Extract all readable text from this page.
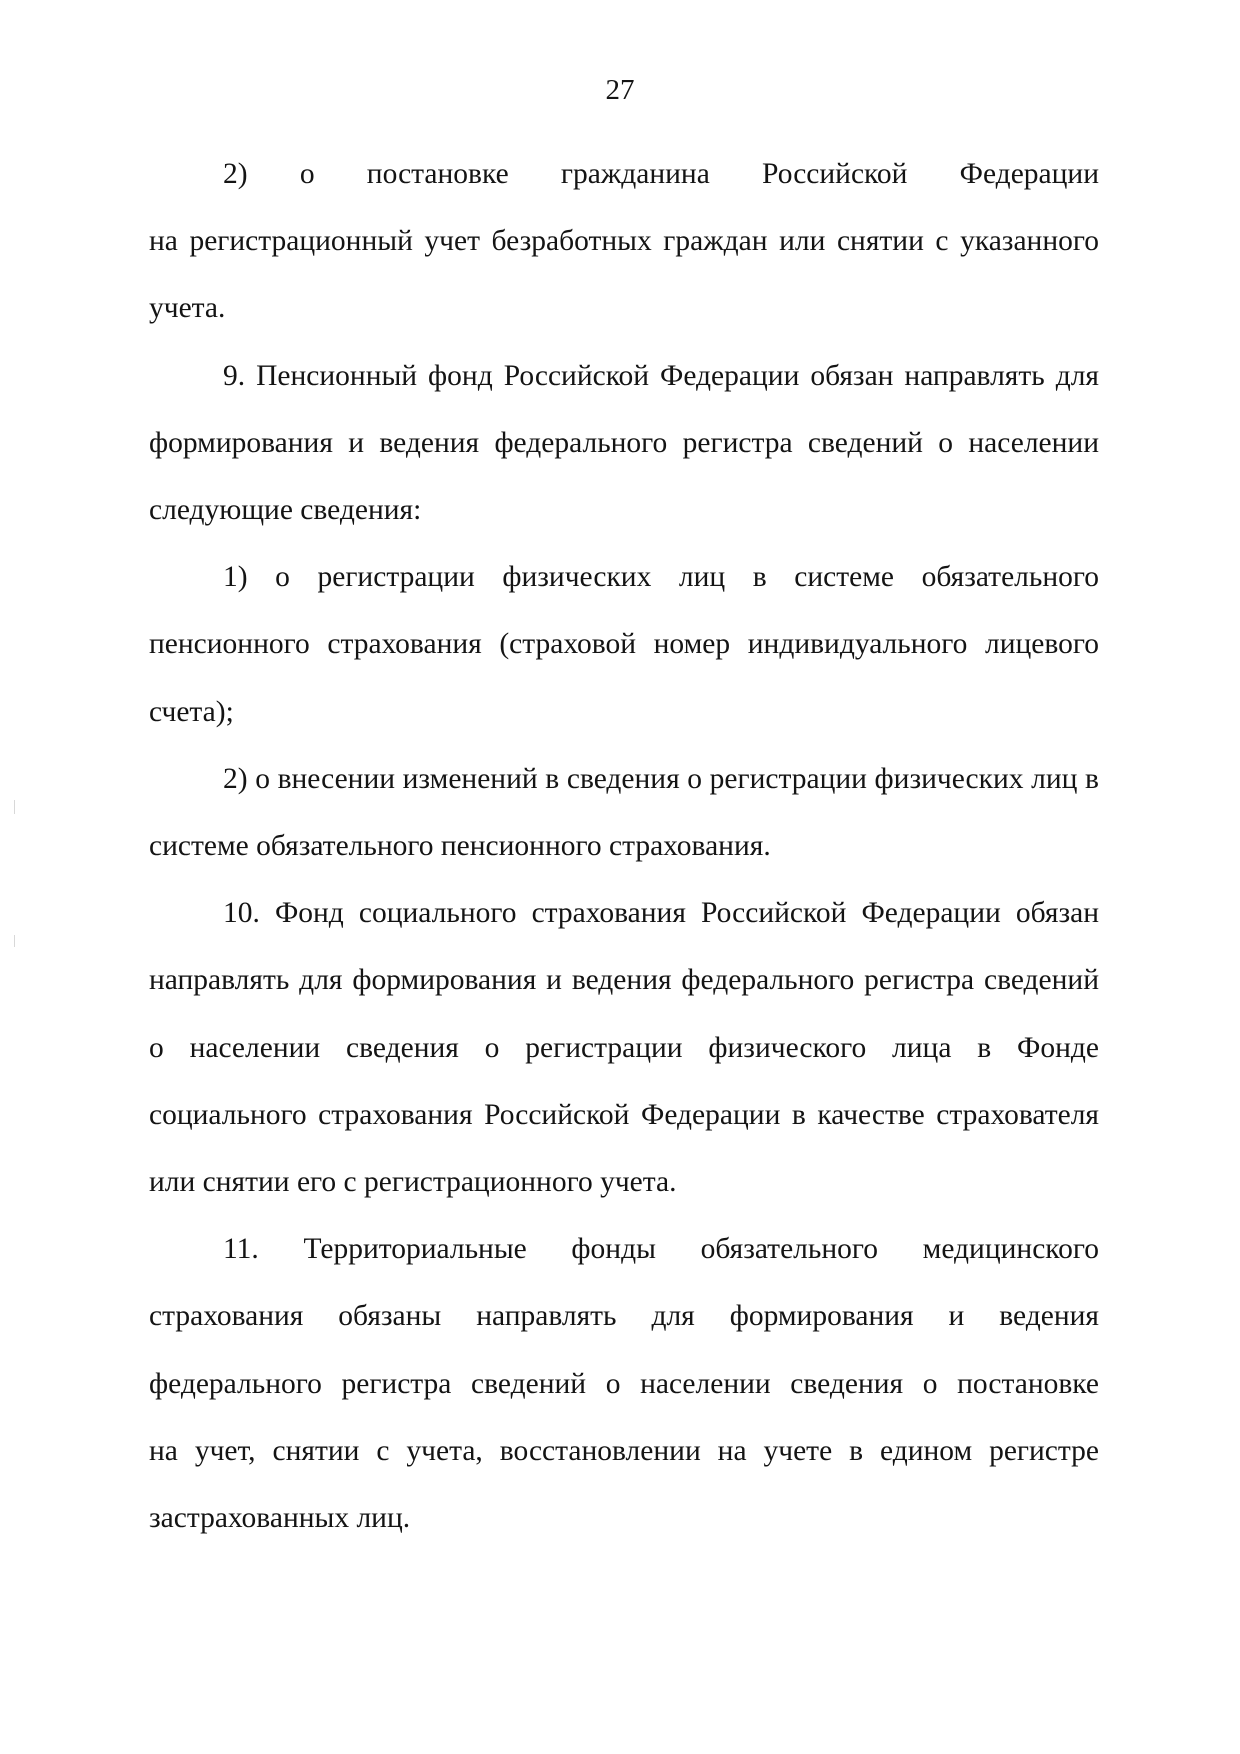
27
2) о постановке гражданина Российской Федерации
на регистрационный учет безработных граждан или снятии с указанного
учета.
9. Пенсионный фонд Российской Федерации обязан направлять для
формирования и ведения федерального регистра сведений о населении
следующие сведения:
1) о регистрации физических лиц в системе обязательного
пенсионного страхования (страховой номер индивидуального лицевого
счета);
2) о внесении изменений в сведения о регистрации физических лиц в
системе обязательного пенсионного страхования.
10. Фонд социального страхования Российской Федерации обязан
направлять для формирования и ведения федерального регистра сведений
о населении сведения о регистрации физического лица в Фонде
социального страхования Российской Федерации в качестве страхователя
или снятии его с регистрационного учета.
11. Территориальные фонды обязательного медицинского
страхования обязаны направлять для формирования и ведения
федерального регистра сведений о населении сведения о постановке
на учет, снятии с учета, восстановлении на учете в едином регистре
застрахованных лиц.
